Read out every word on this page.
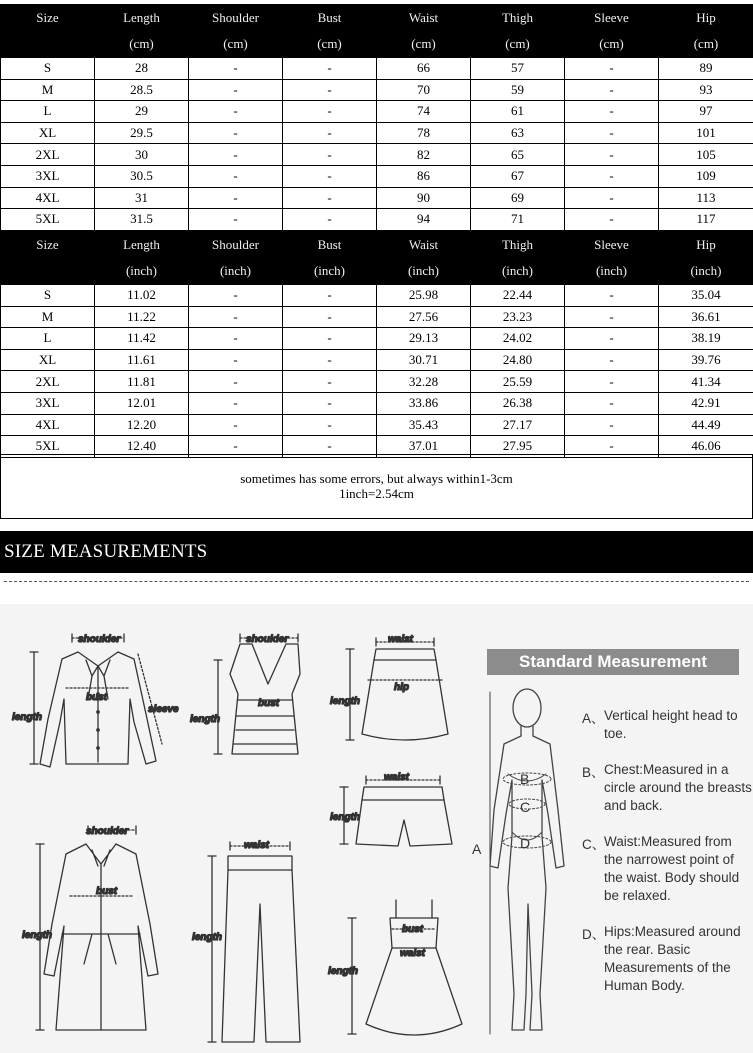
Size	Length	Shoulder	Bust	Waist	Thigh	Sleeve	Hip
	(cm)	(cm)	(cm)	(cm)	(cm)	(cm)	(cm)
S	28	-	-	66	57	-	89
M	28.5	-	-	70	59	-	93
L	29	-	-	74	61	-	97
XL	29.5	-	-	78	63	-	101
2XL	30	-	-	82	65	-	105
3XL	30.5	-	-	86	67	-	109
4XL	31	-	-	90	69	-	113
5XL	31.5	-	-	94	71	-	117
Size	Length	Shoulder	Bust	Waist	Thigh	Sleeve	Hip
	(inch)	(inch)	(inch)	(inch)	(inch)	(inch)	(inch)
S	11.02	-	-	25.98	22.44	-	35.04
M	11.22	-	-	27.56	23.23	-	36.61
L	11.42	-	-	29.13	24.02	-	38.19
XL	11.61	-	-	30.71	24.80	-	39.76
2XL	11.81	-	-	32.28	25.59	-	41.34
3XL	12.01	-	-	33.86	26.38	-	42.91
4XL	12.20	-	-	35.43	27.17	-	44.49
5XL	12.40	-	-	37.01	27.95	-	46.06
sometimes has some errors, but always within1-3cm
1inch=2.54cm
SIZE MEASUREMENTS
shoulder
bust
sleeve
length
shoulder
bust
length
waist
hip
length
waist
length
shoulder
bust
length
waist
length
bust
waist
length
A
B
C
D
Standard Measurement
A、 Vertical height head to toe.
B、 Chest:Measured in a circle around the breasts and back.
C、
Waist:Measured from the narrowest point of the waist. Body should be relaxed.
D、
Hips:Measured around the rear. Basic Measurements of the Human Body.
